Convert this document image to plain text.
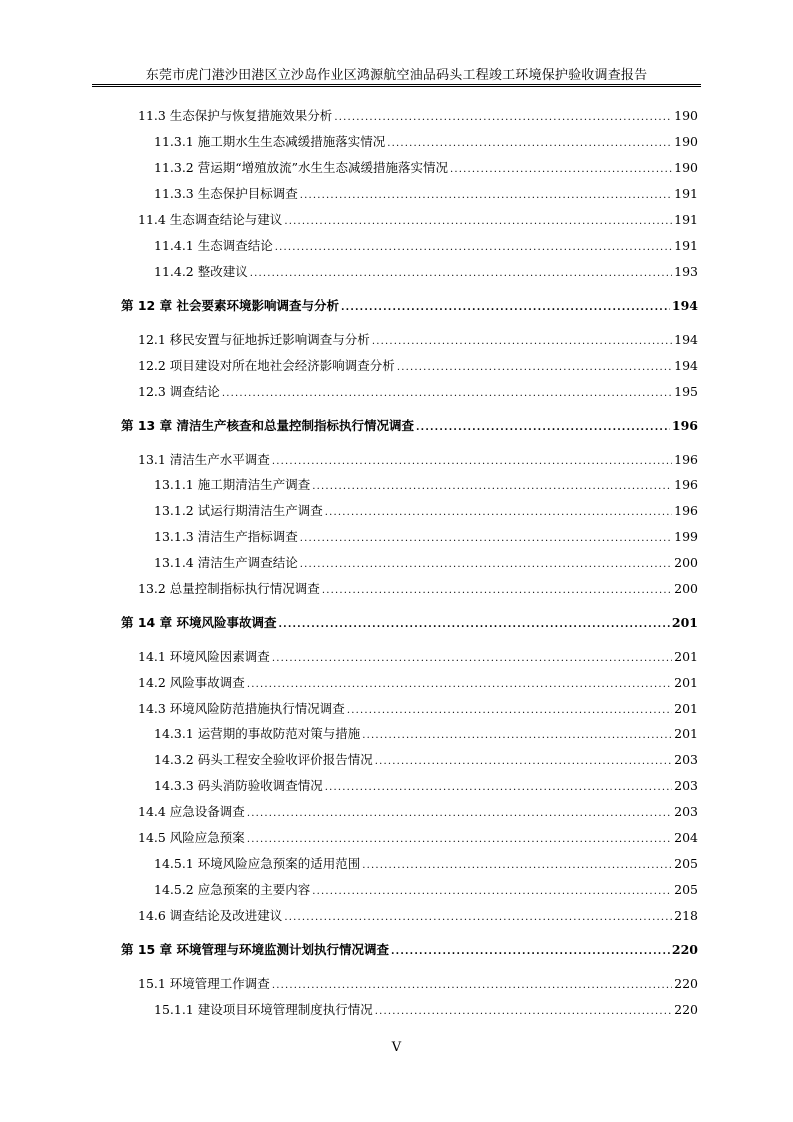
东莞市虎门港沙田港区立沙岛作业区鸿源航空油品码头工程竣工环境保护验收调查报告
11.3 生态保护与恢复措施效果分析 .....	190
11.3.1 施工期水生生态减缓措施落实情况 .....	190
11.3.2 营运期“增殖放流”水生生态减缓措施落实情况 .....	190
11.3.3 生态保护目标调查 .....	191
11.4 生态调查结论与建议 .....	191
11.4.1 生态调查结论 .....	191
11.4.2 整改建议 .....	193
第 12 章 社会要素环境影响调查与分析 .....	194
12.1 移民安置与征地拆迁影响调查与分析 .....	194
12.2 项目建设对所在地社会经济影响调查分析 .....	194
12.3 调查结论 .....	195
第 13 章 清洁生产核查和总量控制指标执行情况调查 .....	196
13.1 清洁生产水平调查 .....	196
13.1.1 施工期清洁生产调查 .....	196
13.1.2 试运行期清洁生产调查 .....	196
13.1.3 清洁生产指标调查 .....	199
13.1.4 清洁生产调查结论 .....	200
13.2 总量控制指标执行情况调查 .....	200
第 14 章 环境风险事故调查 .....	201
14.1 环境风险因素调查 .....	201
14.2 风险事故调查 .....	201
14.3 环境风险防范措施执行情况调查 .....	201
14.3.1 运营期的事故防范对策与措施 .....	201
14.3.2 码头工程安全验收评价报告情况 .....	203
14.3.3 码头消防验收调查情况 .....	203
14.4 应急设备调查 .....	203
14.5 风险应急预案 .....	204
14.5.1 环境风险应急预案的适用范围 .....	205
14.5.2 应急预案的主要内容 .....	205
14.6 调查结论及改进建议 .....	218
第 15 章 环境管理与环境监测计划执行情况调查 .....	220
15.1 环境管理工作调查 .....	220
15.1.1 建设项目环境管理制度执行情况 .....	220
V
